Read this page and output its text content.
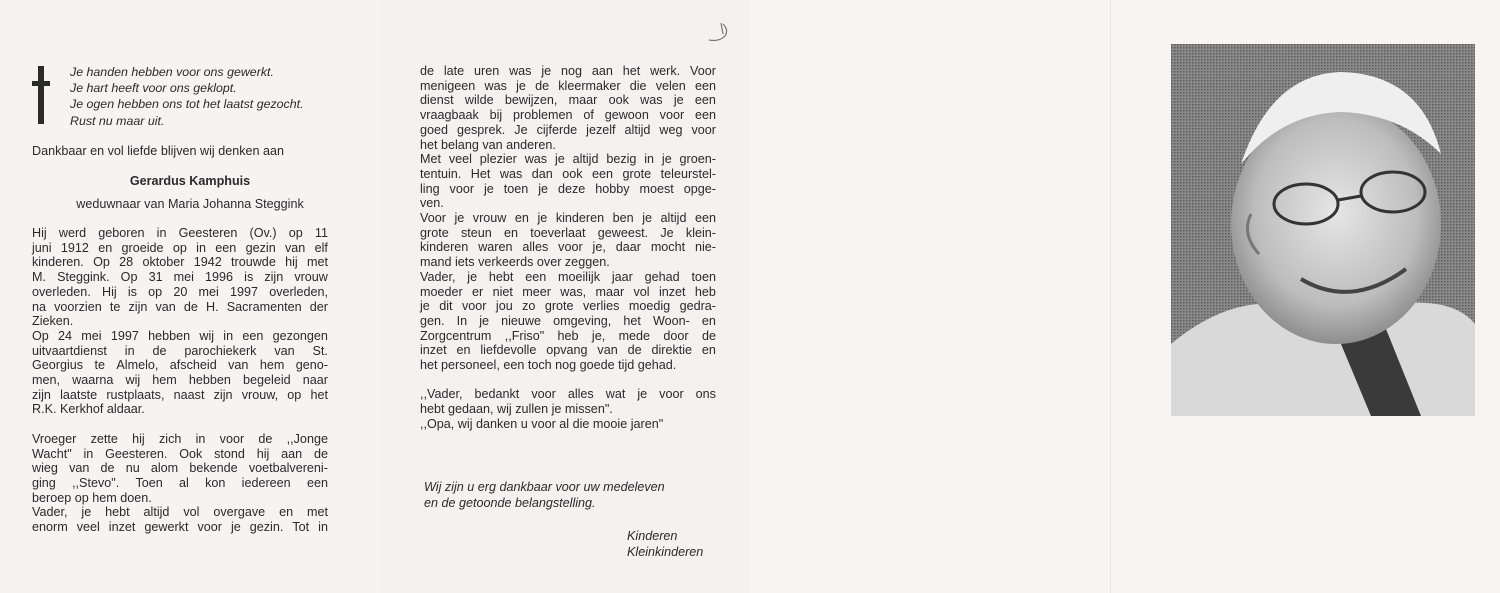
Je handen hebben voor ons gewerkt.
Je hart heeft voor ons geklopt.
Je ogen hebben ons tot het laatst gezocht.
Rust nu maar uit.
Dankbaar en vol liefde blijven wij denken aan
Gerardus Kamphuis
weduwnaar van Maria Johanna Steggink
Hij werd geboren in Geesteren (Ov.) op 11
juni 1912 en groeide op in een gezin van elf
kinderen. Op 28 oktober 1942 trouwde hij met
M. Steggink. Op 31 mei 1996 is zijn vrouw
overleden. Hij is op 20 mei 1997 overleden,
na voorzien te zijn van de H. Sacramenten der
Zieken.
Op 24 mei 1997 hebben wij in een gezongen
uitvaartdienst in de parochiekerk van St.
Georgius te Almelo, afscheid van hem geno-
men, waarna wij hem hebben begeleid naar
zijn laatste rustplaats, naast zijn vrouw, op het
R.K. Kerkhof aldaar.
Vroeger zette hij zich in voor de ,,Jonge
Wacht" in Geesteren. Ook stond hij aan de
wieg van de nu alom bekende voetbalvereni-
ging ,,Stevo". Toen al kon iedereen een
beroep op hem doen.
Vader, je hebt altijd vol overgave en met
enorm veel inzet gewerkt voor je gezin. Tot in
de late uren was je nog aan het werk. Voor
menigeen was je de kleermaker die velen een
dienst wilde bewijzen, maar ook was je een
vraagbaak bij problemen of gewoon voor een
goed gesprek. Je cijferde jezelf altijd weg voor
het belang van anderen.
Met veel plezier was je altijd bezig in je groen-
tentuin. Het was dan ook een grote teleurstel-
ling voor je toen je deze hobby moest opge-
ven.
Voor je vrouw en je kinderen ben je altijd een
grote steun en toeverlaat geweest. Je klein-
kinderen waren alles voor je, daar mocht nie-
mand iets verkeerds over zeggen.
Vader, je hebt een moeilijk jaar gehad toen
moeder er niet meer was, maar vol inzet heb
je dit voor jou zo grote verlies moedig gedra-
gen. In je nieuwe omgeving, het Woon- en
Zorgcentrum ,,Friso" heb je, mede door de
inzet en liefdevolle opvang van de direktie en
het personeel, een toch nog goede tijd gehad.
,,Vader, bedankt voor alles wat je voor ons
hebt gedaan, wij zullen je missen".
,,Opa, wij danken u voor al die mooie jaren"
Wij zijn u erg dankbaar voor uw medeleven
en de getoonde belangstelling.
Kinderen
Kleinkinderen
